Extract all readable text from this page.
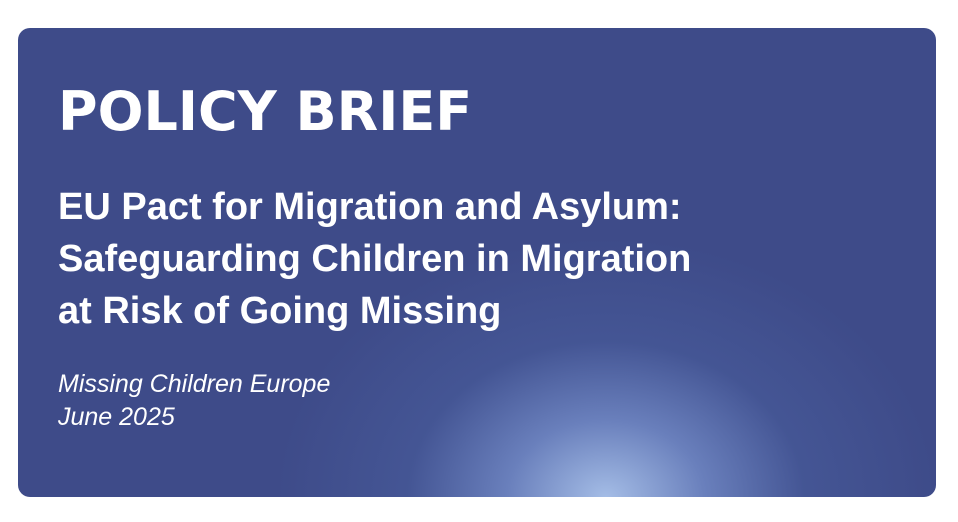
POLICY BRIEF
EU Pact for Migration and Asylum:
Safeguarding Children in Migration
at Risk of Going Missing

Missing Children Europe
June 2025
